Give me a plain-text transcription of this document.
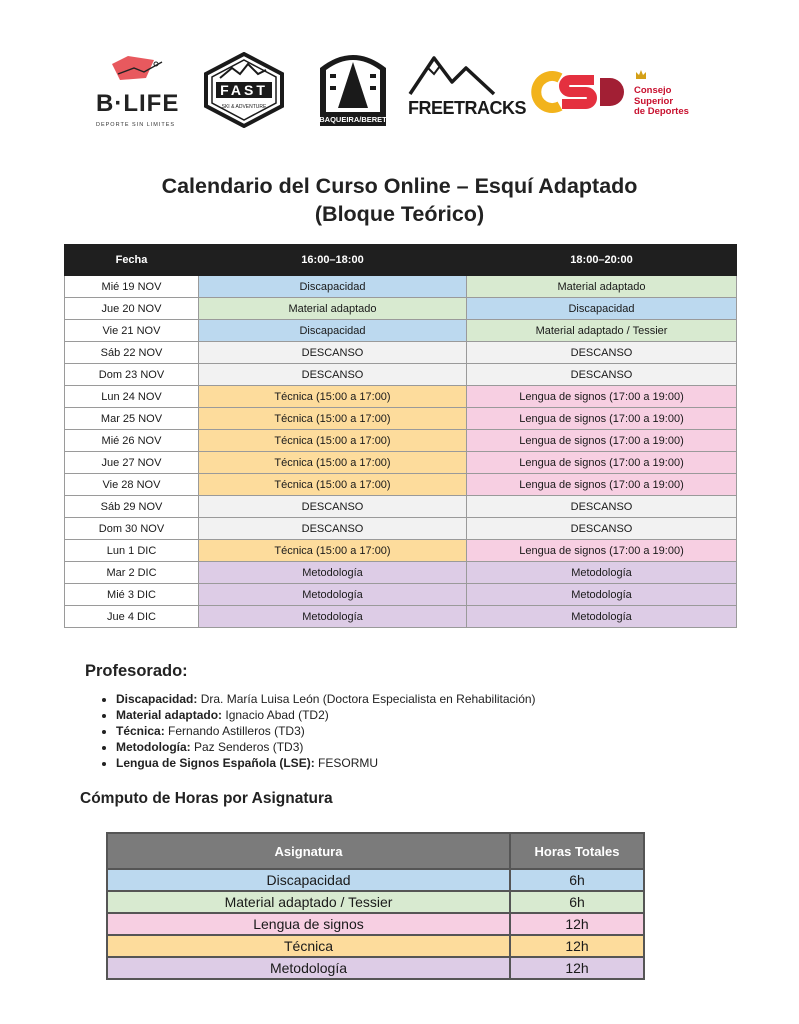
B·LIFE
DEPORTE SIN LIMITES
FAST
SKI & ADVENTURE
BAQUEIRA/BERET
FREETRACKS
Consejo
Superior
de Deportes
Calendario del Curso Online – Esquí Adaptado
(Bloque Teórico)
Fecha	16:00–18:00	18:00–20:00
Mié 19 NOV	Discapacidad	Material adaptado
Jue 20 NOV	Material adaptado	Discapacidad
Vie 21 NOV	Discapacidad	Material adaptado / Tessier
Sáb 22 NOV	DESCANSO	DESCANSO
Dom 23 NOV	DESCANSO	DESCANSO
Lun 24 NOV	Técnica (15:00 a 17:00)	Lengua de signos (17:00 a 19:00)
Mar 25 NOV	Técnica (15:00 a 17:00)	Lengua de signos (17:00 a 19:00)
Mié 26 NOV	Técnica (15:00 a 17:00)	Lengua de signos (17:00 a 19:00)
Jue 27 NOV	Técnica (15:00 a 17:00)	Lengua de signos (17:00 a 19:00)
Vie 28 NOV	Técnica (15:00 a 17:00)	Lengua de signos (17:00 a 19:00)
Sáb 29 NOV	DESCANSO	DESCANSO
Dom 30 NOV	DESCANSO	DESCANSO
Lun 1 DIC	Técnica (15:00 a 17:00)	Lengua de signos (17:00 a 19:00)
Mar 2 DIC	Metodología	Metodología
Mié 3 DIC	Metodología	Metodología
Jue 4 DIC	Metodología	Metodología
Profesorado:
• Discapacidad: Dra. María Luisa León (Doctora Especialista en Rehabilitación)
• Material adaptado: Ignacio Abad (TD2)
• Técnica: Fernando Astilleros (TD3)
• Metodología: Paz Senderos (TD3)
• Lengua de Signos Española (LSE): FESORMU
Cómputo de Horas por Asignatura
Asignatura	Horas Totales
Discapacidad	6h
Material adaptado / Tessier	6h
Lengua de signos	12h
Técnica	12h
Metodología	12h
